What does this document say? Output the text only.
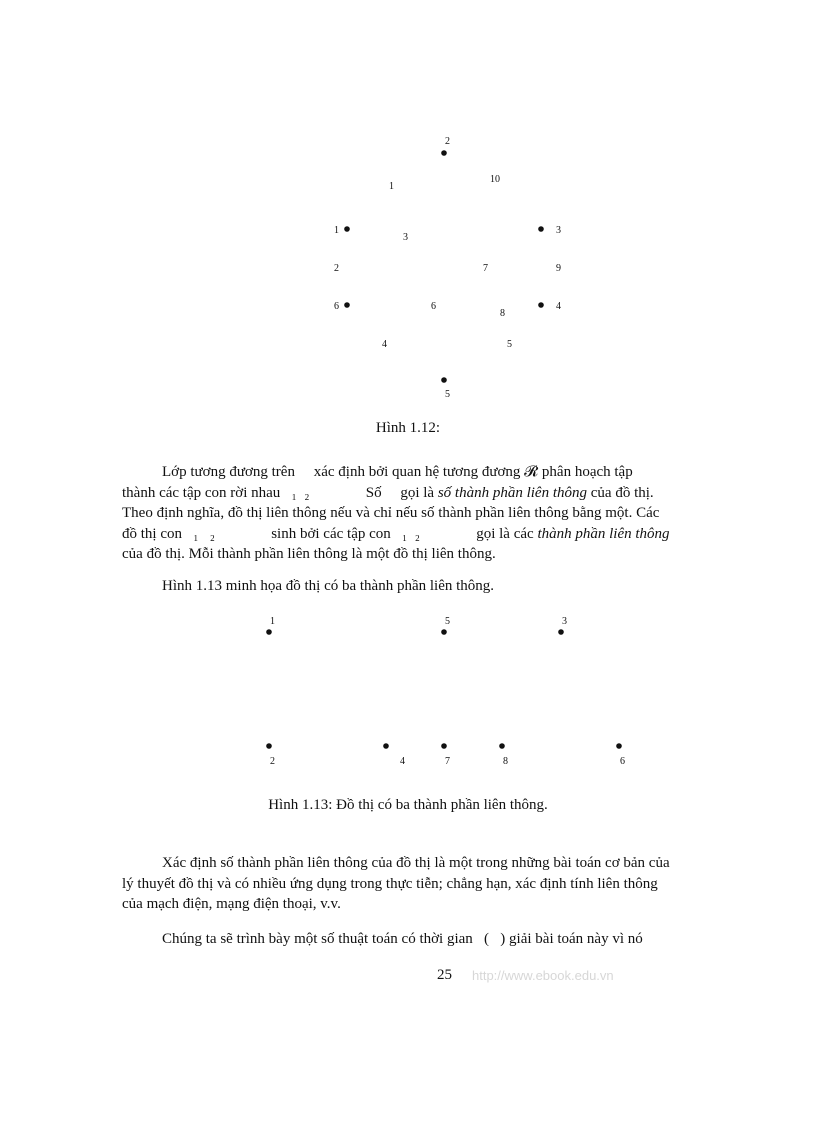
1
2
3
4
5
6
1
10
3
2	7	9
6
8
4	5
Hình 1.12:
Lớp tương đương trên     xác định bởi quan hệ tương đương 𝓡 phân hoạch tập
thành các tập con rời nhau   ₁  ₂               Số     gọi là số thành phần liên thông của đồ thị.
Theo định nghĩa, đồ thị liên thông nếu và chỉ nếu số thành phần liên thông bằng một. Các
đồ thị con   ₁   ₂               sinh bởi các tập con   ₁  ₂               gọi là các thành phần liên thông
của đồ thị. Mỗi thành phần liên thông là một đồ thị liên thông.
Hình 1.13 minh họa đồ thị có ba thành phần liên thông.
1	5	3
2	4	7	8	6
Hình 1.13: Đồ thị có ba thành phần liên thông.
Xác định số thành phần liên thông của đồ thị là một trong những bài toán cơ bản của
lý thuyết đồ thị và có nhiều ứng dụng trong thực tiễn; chẳng hạn, xác định tính liên thông
của mạch điện, mạng điện thoại, v.v.
Chúng ta sẽ trình bày một số thuật toán có thời gian   (   ) giải bài toán này vì nó
25 http://www.ebook.edu.vn
